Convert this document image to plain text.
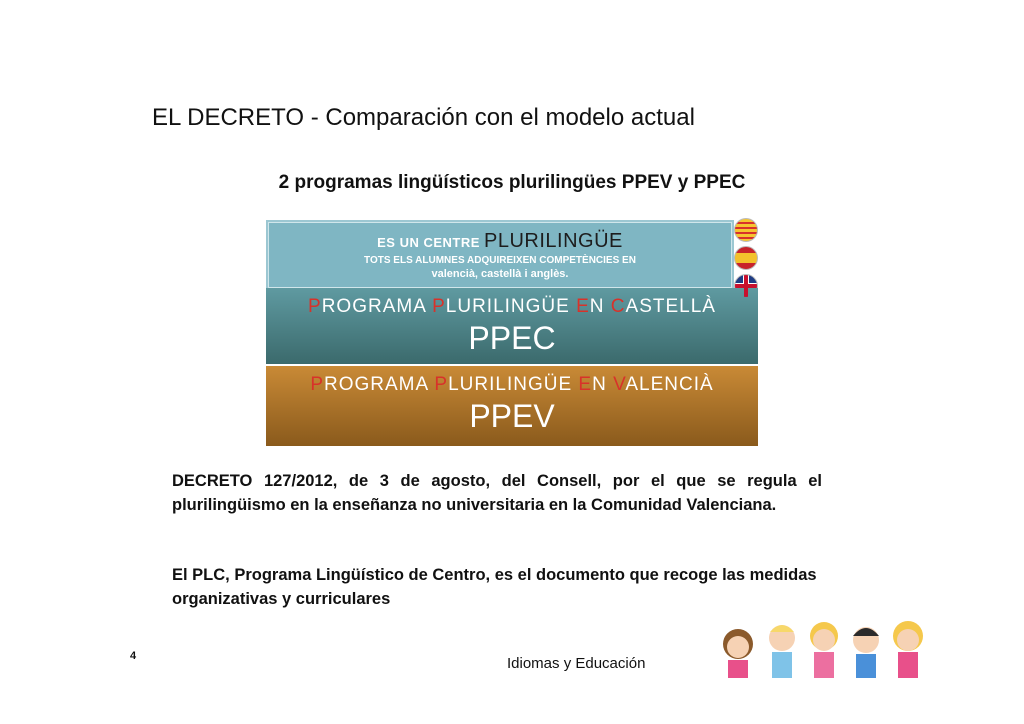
EL DECRETO - Comparación con el modelo actual
2 programas lingüísticos plurilingües PPEV y PPEC
ES UN CENTRE PLURILINGÜE
TOTS ELS ALUMNES ADQUIREIXEN COMPETÈNCIES EN
valencià, castellà i anglès.
PROGRAMA PLURILINGÜE EN CASTELLÀ
PPEC
PROGRAMA PLURILINGÜE EN VALENCIÀ
PPEV
DECRETO 127/2012, de 3 de agosto, del Consell, por el que se regula el plurilingüismo en la enseñanza no universitaria en la Comunidad Valenciana.
El PLC, Programa Lingüístico de Centro, es el documento que recoge las medidas organizativas y curriculares
4	Idiomas y Educación
